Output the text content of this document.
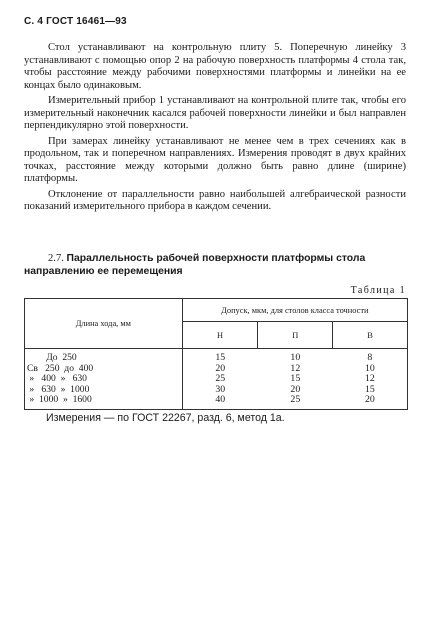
С. 4 ГОСТ 16461—93

Стол устанавливают на контрольную плиту 5. Поперечную линейку 3 устанавливают с помощью опор 2 на рабочую поверхность платформы 4 стола так, чтобы расстояние между рабочими поверхностями платформы и линейки на ее концах было одинаковым.

Измерительный прибор 1 устанавливают на контрольной плите так, чтобы его измерительный наконечник касался рабочей поверхности линейки и был направлен перпендикулярно этой поверхности.

При замерах линейку устанавливают не менее чем в трех сечениях как в продольном, так и поперечном направлениях. Измерения проводят в двух крайних точках, расстояние между которыми должно быть равно длине (ширине) платформы.

Отклонение от параллельности равно наибольшей алгебраической разности показаний измерительного прибора в каждом сечении.

2.7. Параллельность рабочей поверхности платформы стола направлению ее перемещения
Таблица 1
Длина хода, мм	Допуск, мкм, для столов класса точности		
	Н	П	В
До  250	15	10	8
Св   250  до  400	20	12	10
»   400  »   630	25	15	12
»   630  »  1000	30	20	15
»  1000  »  1600	40	25	20
Измерения — по ГОСТ 22267, разд. 6, метод 1а.
